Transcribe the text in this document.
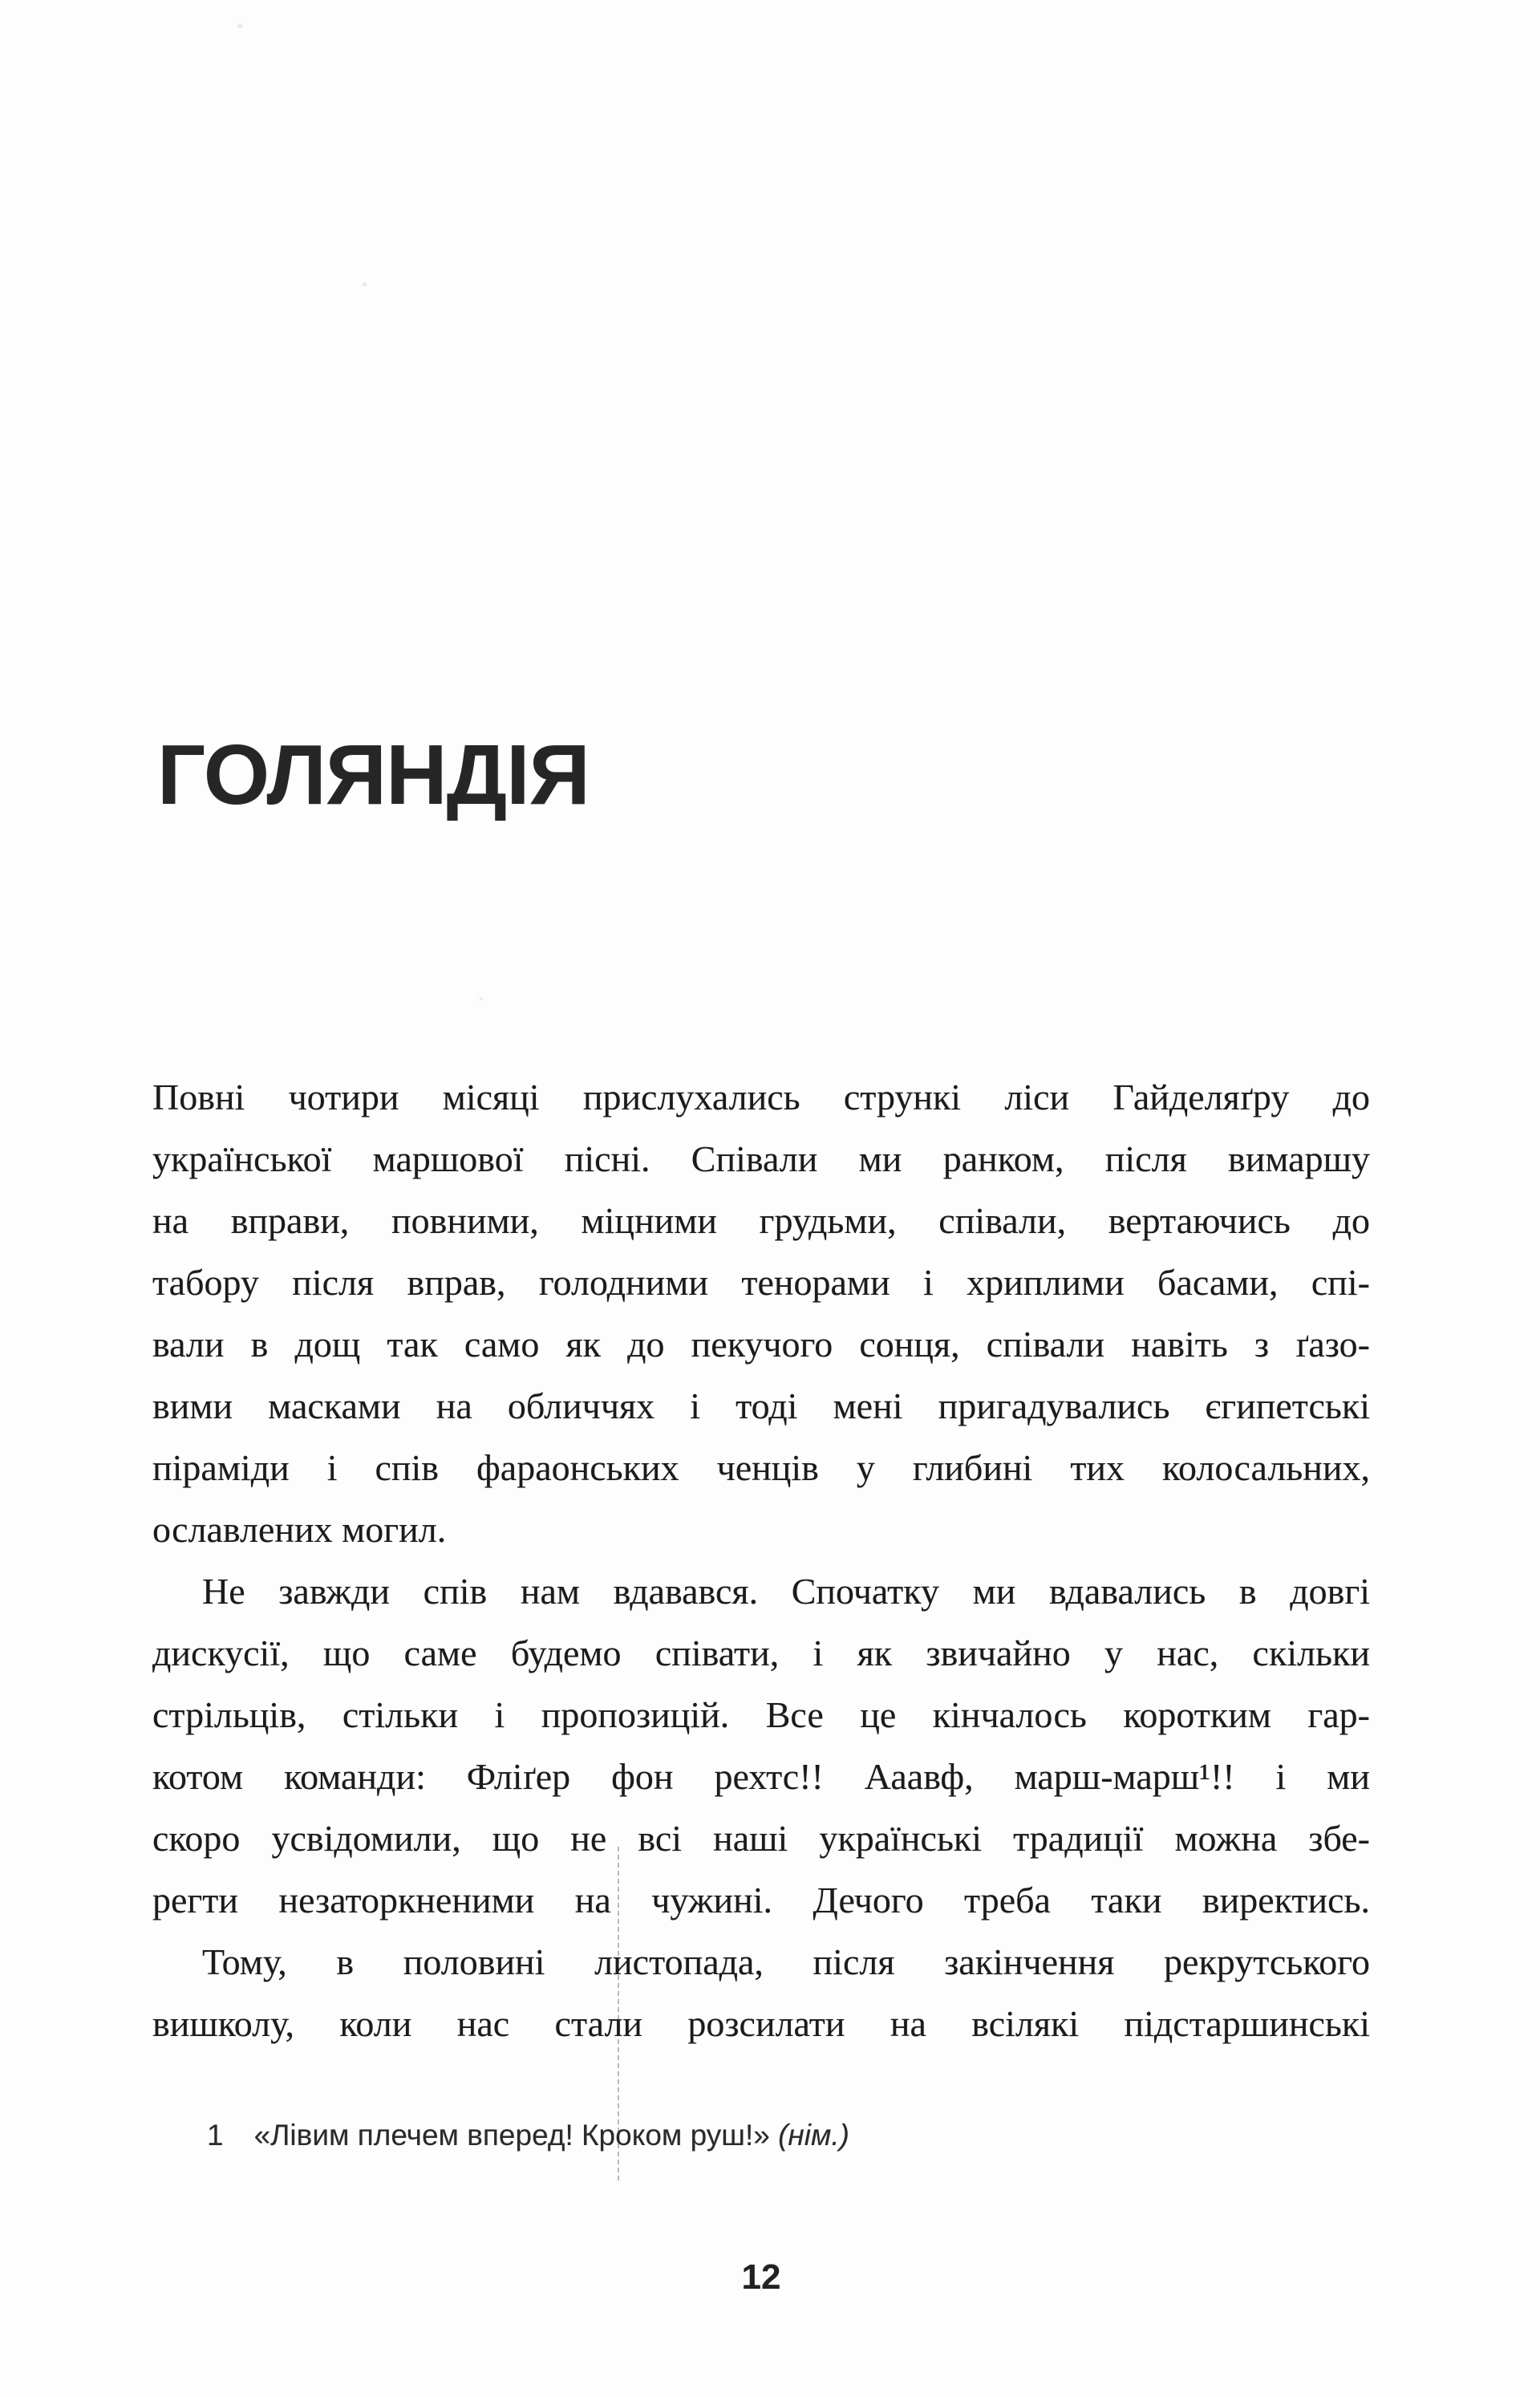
ГОЛЯНДІЯ
Повні чотири місяці прислухались стрункі ліси Гайделяґру до
української маршової пісні. Співали ми ранком, після вимаршу
на вправи, повними, міцними грудьми, співали, вертаючись до
табору після вправ, голодними тенорами і хриплими басами, спі-
вали в дощ так само як до пекучого сонця, співали навіть з ґазо-
вими масками на обличчях і тоді мені пригадувались єгипетські
піраміди і спів фараонських ченців у глибині тих колосальних,
ославлених могил.
Не завжди спів нам вдавався. Спочатку ми вдавались в довгі
дискусії, що саме будемо співати, і як звичайно у нас, скільки
стрільців, стільки і пропозицій. Все це кінчалось коротким гар-
котом команди: Фліґер фон рехтс!! Ааавф, марш-марш¹!! і ми
скоро усвідомили, що не всі наші українські традиції можна збе-
регти незаторкненими на чужині. Дечого треба таки виректись.
Тому, в половині листопада, після закінчення рекрутського
вишколу, коли нас стали розсилати на всілякі підстаршинські
1 «Лівим плечем вперед! Кроком руш!» (нім.)
12
